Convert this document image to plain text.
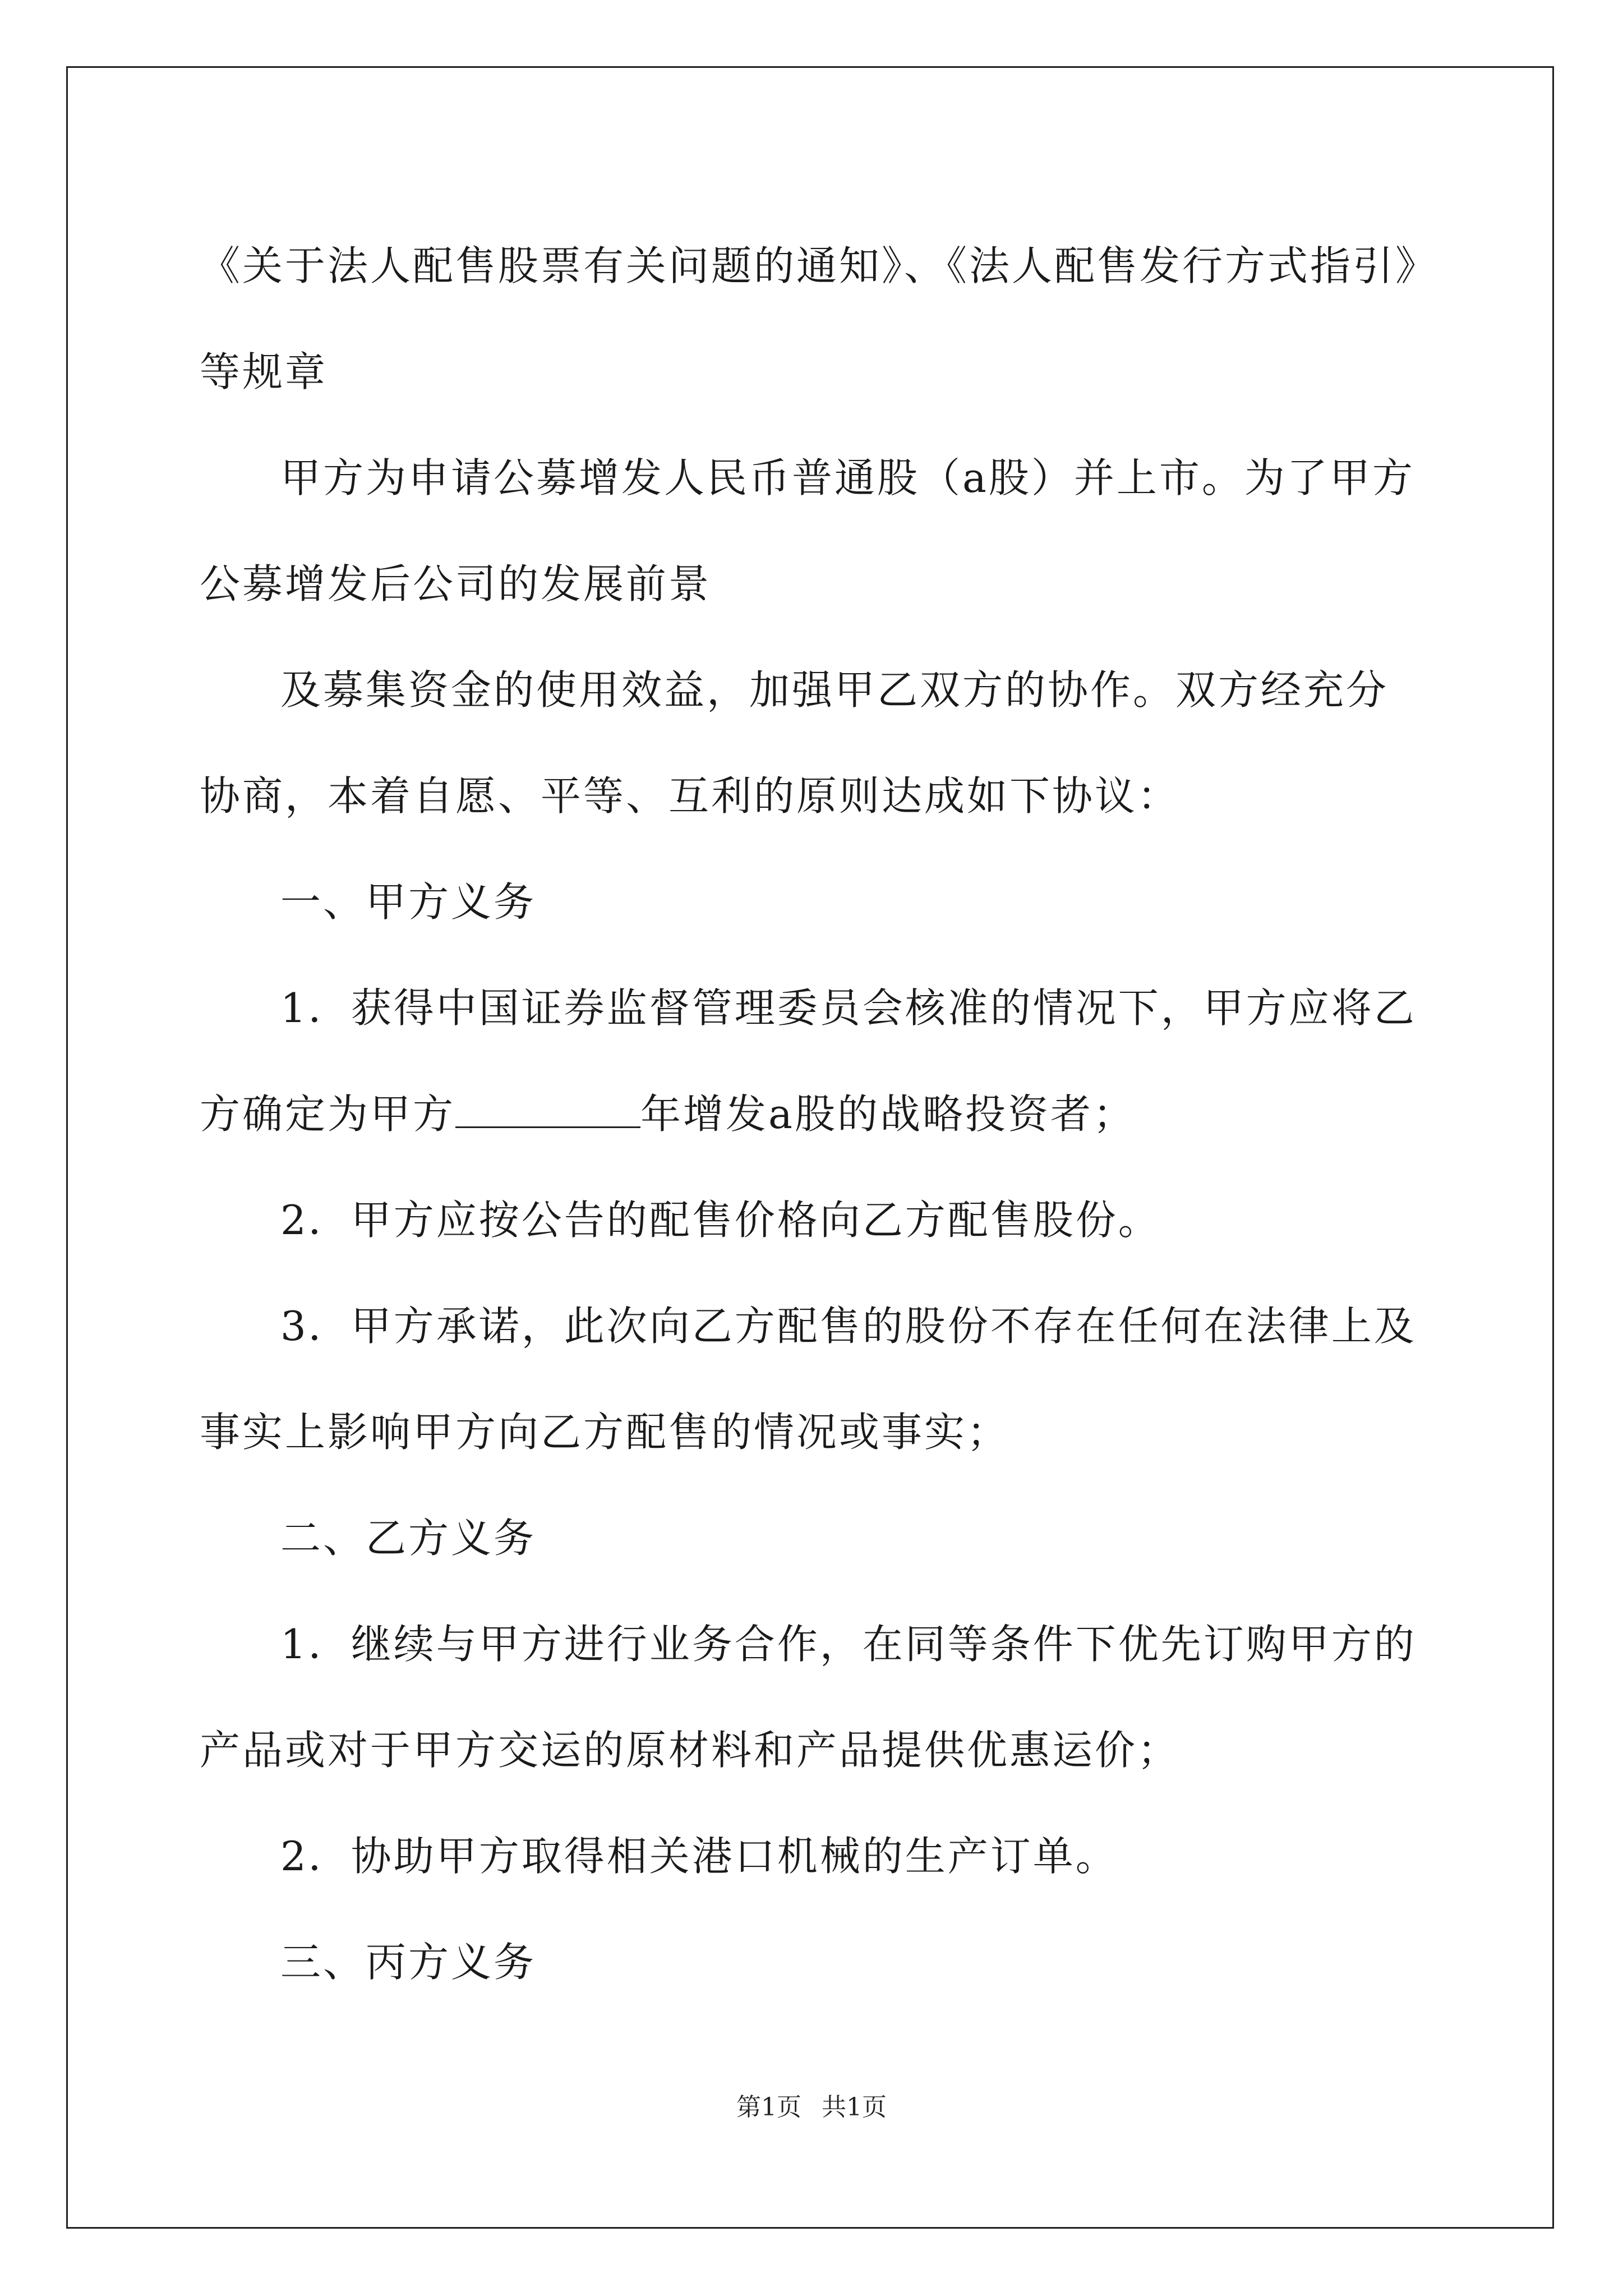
《关于法人配售股票有关问题的通知》、《法人配售发行方式指引》等规章

甲方为申请公募增发人民币普通股（a股）并上市。为了甲方公募增发后公司的发展前景

及募集资金的使用效益，加强甲乙双方的协作。双方经充分协商，本着自愿、平等、互利的原则达成如下协议：

一、甲方义务

1．获得中国证券监督管理委员会核准的情况下，甲方应将乙方确定为甲方	年增发a股的战略投资者；

2．甲方应按公告的配售价格向乙方配售股份。

3．甲方承诺，此次向乙方配售的股份不存在任何在法律上及事实上影响甲方向乙方配售的情况或事实；

二、乙方义务

1．继续与甲方进行业务合作，在同等条件下优先订购甲方的产品或对于甲方交运的原材料和产品提供优惠运价；

2．协助甲方取得相关港口机械的生产订单。

三、丙方义务

第1页 共1页
